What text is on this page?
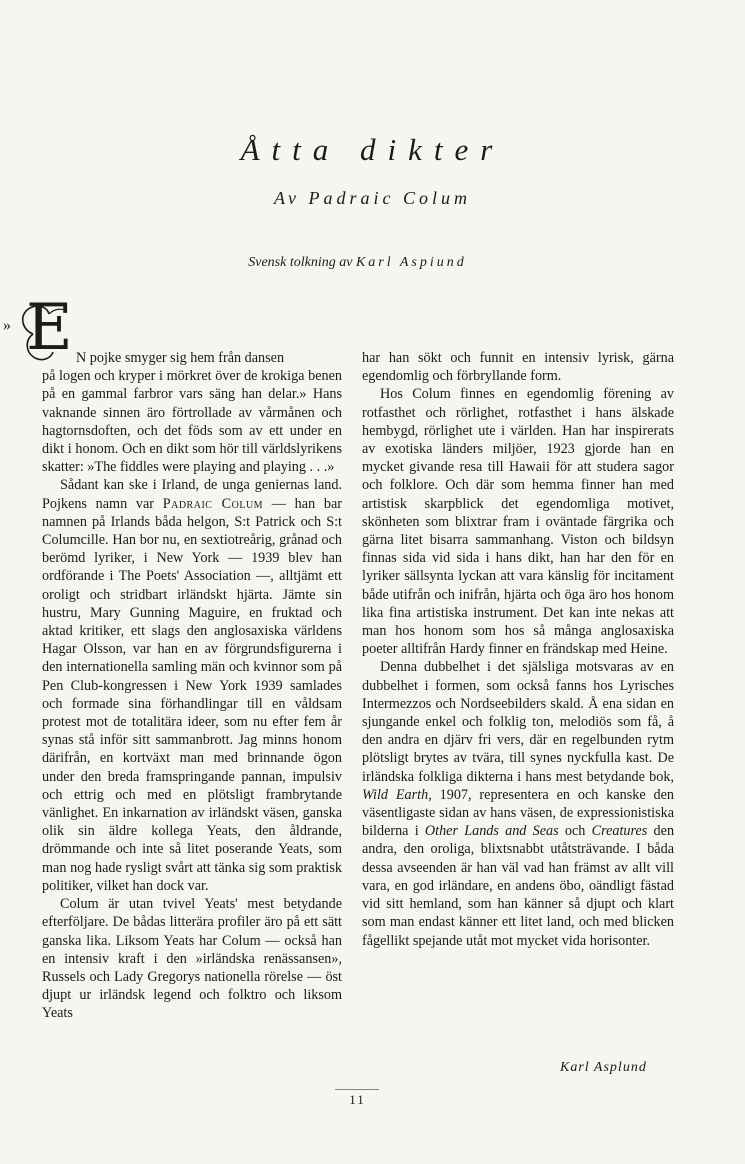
Åtta dikter
Av Padraic Colum
Svensk tolkning av Karl Aspiund
» E N pojke smyger sig hem från dansen
på logen och kryper i mörkret över de krokiga benen på en gammal farbror vars säng han delar.» Hans vaknande sinnen äro förtrollade av vårmånen och hagtornsdoften, och det föds som av ett under en dikt i honom. Och en dikt som hör till världslyrikens skatter: »The fiddles were playing and playing . . .»

Sådant kan ske i Irland, de unga geniernas land. Pojkens namn var Padraic Colum — han bar namnen på Irlands båda helgon, S:t Patrick och S:t Columcille. Han bor nu, en sextiotreårig, grånad och berömd lyriker, i New York — 1939 blev han ordförande i The Poets' Association —, alltjämt ett oroligt och stridbart irländskt hjärta. Jämte sin hustru, Mary Gunning Maguire, en fruktad och aktad kritiker, ett slags den anglosaxiska världens Hagar Olsson, var han en av förgrundsfigurerna i den internationella samling män och kvinnor som på Pen Club-kongressen i New York 1939 samlades och formade sina förhandlingar till en våldsam protest mot de totalitära ideer, som nu efter fem år synas stå inför sitt sammanbrott. Jag minns honom därifrån, en kortväxt man med brinnande ögon under den breda framspringande pannan, impulsiv och ettrig och med en plötsligt frambrytande vänlighet. En inkarnation av irländskt väsen, ganska olik sin äldre kollega Yeats, den åldrande, drömmande och inte så litet poserande Yeats, som man nog hade rysligt svårt att tänka sig som praktisk politiker, vilket han dock var.

Colum är utan tvivel Yeats' mest betydande efterföljare. De bådas litterära profiler äro på ett sätt ganska lika. Liksom Yeats har Colum — också han en intensiv kraft i den »irländska renässansen», Russels och Lady Gregorys nationella rörelse — öst djupt ur irländsk legend och folktro och liksom Yeats

har han sökt och funnit en intensiv lyrisk, gärna egendomlig och förbryllande form.

Hos Colum finnes en egendomlig förening av rotfasthet och rörlighet, rotfasthet i hans älskade hembygd, rörlighet ute i världen. Han har inspirerats av exotiska länders miljöer, 1923 gjorde han en mycket givande resa till Hawaii för att studera sagor och folklore. Och där som hemma finner han med artistisk skarpblick det egendomliga motivet, skönheten som blixtrar fram i oväntade färgrika och gärna litet bisarra sammanhang. Viston och bildsyn finnas sida vid sida i hans dikt, han har den för en lyriker sällsynta lyckan att vara känslig för incitament både utifrån och inifrån, hjärta och öga äro hos honom lika fina artistiska instrument. Det kan inte nekas att man hos honom som hos så många anglosaxiska poeter alltifrån Hardy finner en frändskap med Heine.

Denna dubbelhet i det själsliga motsvaras av en dubbelhet i formen, som också fanns hos Lyrisches Intermezzos och Nordseebilders skald. Å ena sidan en sjungande enkel och folklig ton, melodiös som få, å den andra en djärv fri vers, där en regelbunden rytm plötsligt brytes av tvära, till synes nyckfulla kast. De irländska folkliga dikterna i hans mest betydande bok, Wild Earth, 1907, representera en och kanske den väsentligaste sidan av hans väsen, de expressionistiska bilderna i Other Lands and Seas och Creatures den andra, den oroliga, blixtsnabbt utåtsträvande. I båda dessa avseenden är han väl vad han främst av allt vill vara, en god irländare, en andens öbo, oändligt fästad vid sitt hemland, som han känner så djupt och klart som man endast känner ett litet land, och med blicken fågellikt spejande utåt mot mycket vida horisonter.

Karl Asplund
11
